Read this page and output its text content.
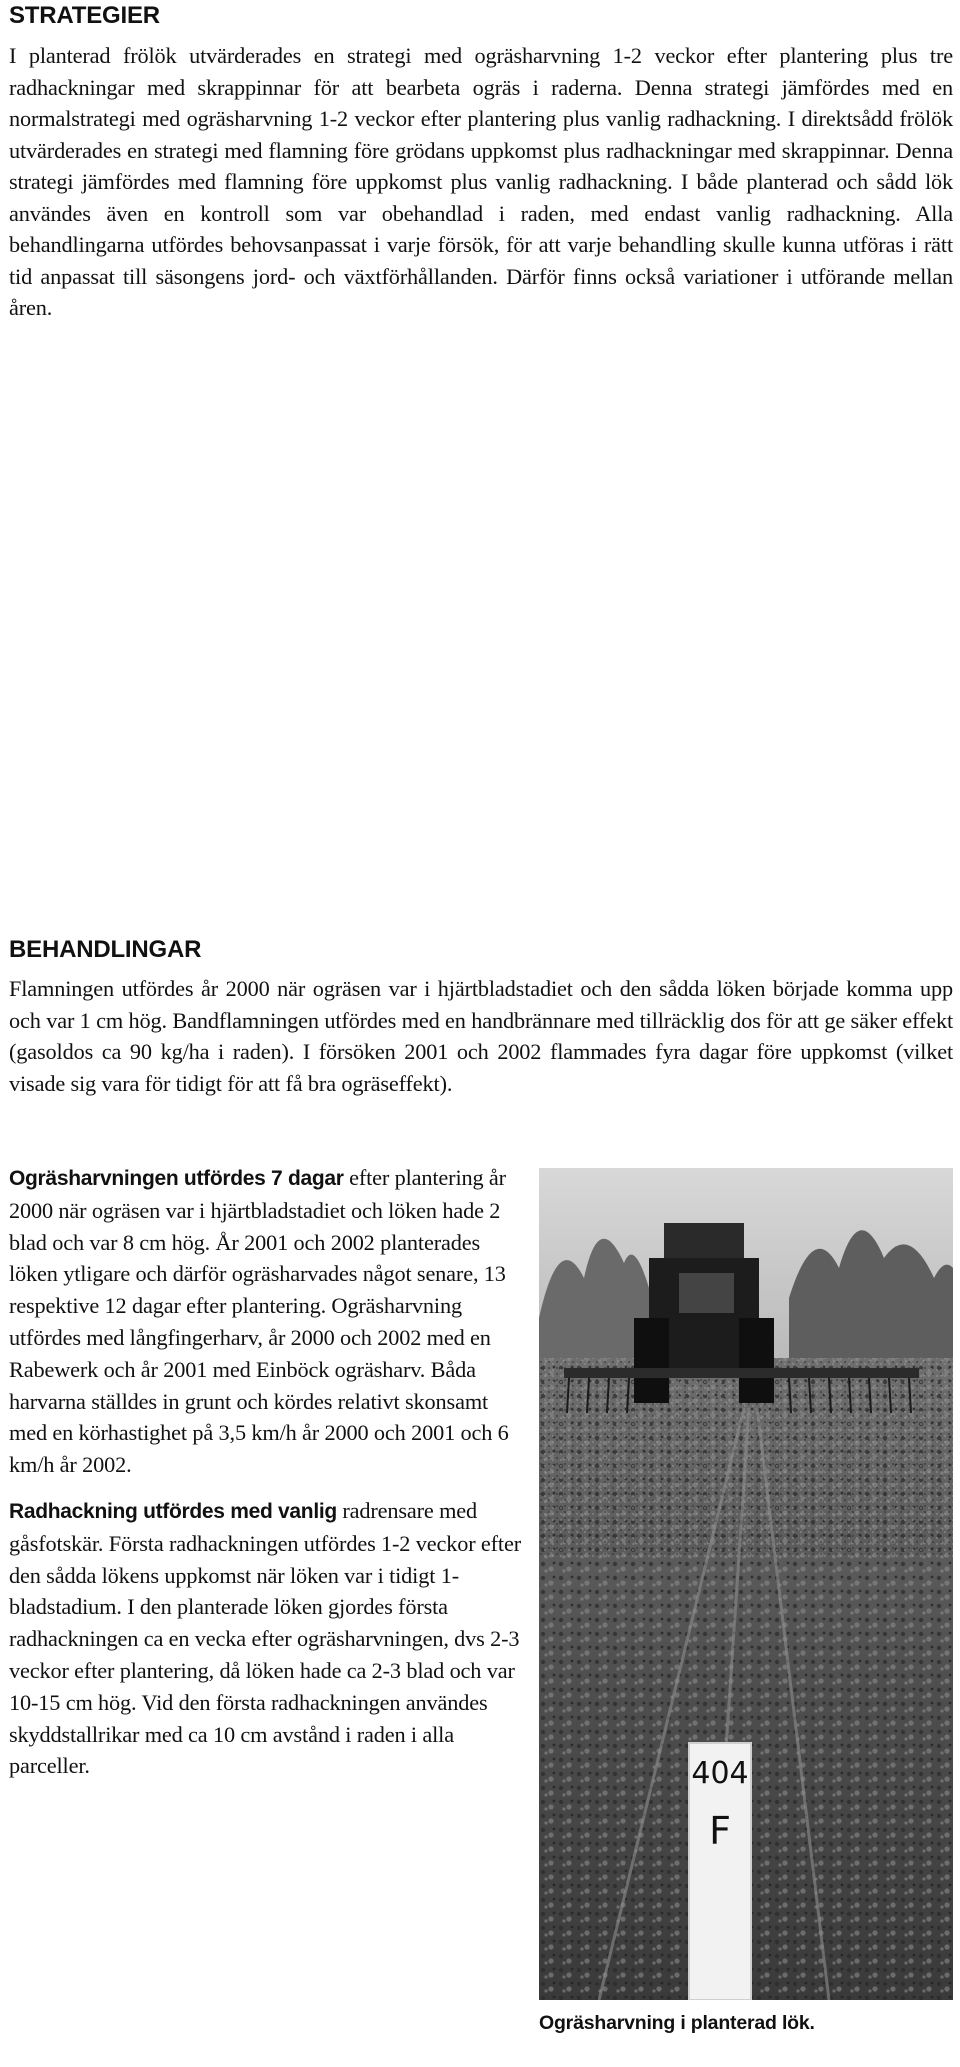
STRATEGIER

I planterad frölök utvärderades en strategi med ogräsharvning 1-2 veckor efter plantering plus tre radhackningar med skrappinnar för att bearbeta ogräs i raderna. Denna strategi jämfördes med en normalstrategi med ogräsharvning 1-2 veckor efter plantering plus vanlig radhackning. I direktsådd frölök utvärderades en strategi med flamning före grödans uppkomst plus radhackningar med skrappinnar. Denna strategi jämfördes med flamning före uppkomst plus vanlig radhackning. I både planterad och sådd lök användes även en kontroll som var obehandlad i raden, med endast vanlig radhackning. Alla behandlingarna utfördes behovsanpassat i varje försök, för att varje behandling skulle kunna utföras i rätt tid anpassat till säsongens jord- och växtförhållanden. Därför finns också variationer i utförande mellan åren.

BEHANDLINGAR

Flamningen utfördes år 2000 när ogräsen var i hjärtbladstadiet och den sådda löken började komma upp och var 1 cm hög. Bandflamningen utfördes med en handbrännare med tillräcklig dos för att ge säker effekt (gasoldos ca 90 kg/ha i raden). I försöken 2001 och 2002 flammades fyra dagar före uppkomst (vilket visade sig vara för tidigt för att få bra ogräseffekt).

Ogräsharvningen utfördes 7 dagar efter plantering år 2000 när ogräsen var i hjärtbladstadiet och löken hade 2 blad och var 8 cm hög. År 2001 och 2002 planterades löken ytligare och därför ogräsharvades något senare, 13 respektive 12 dagar efter plantering. Ogräsharvning utfördes med långfingerharv, år 2000 och 2002 med en Rabewerk och år 2001 med Einböck ogräsharv. Båda harvarna ställdes in grunt och kördes relativt skonsamt med en körhastighet på 3,5 km/h år 2000 och 2001 och 6 km/h år 2002.

Radhackning utfördes med vanlig radrensare med gåsfotskär. Första radhackningen utfördes 1-2 veckor efter den sådda lökens uppkomst när löken var i tidigt 1-bladstadium. I den planterade löken gjordes första radhackningen ca en vecka efter ogräsharvningen, dvs 2-3 veckor efter plantering, då löken hade ca 2-3 blad och var 10-15 cm hög. Vid den första radhackningen användes skyddstallrikar med ca 10 cm avstånd i raden i alla parceller.	404
F
Ogräsharvning i planterad lök.
